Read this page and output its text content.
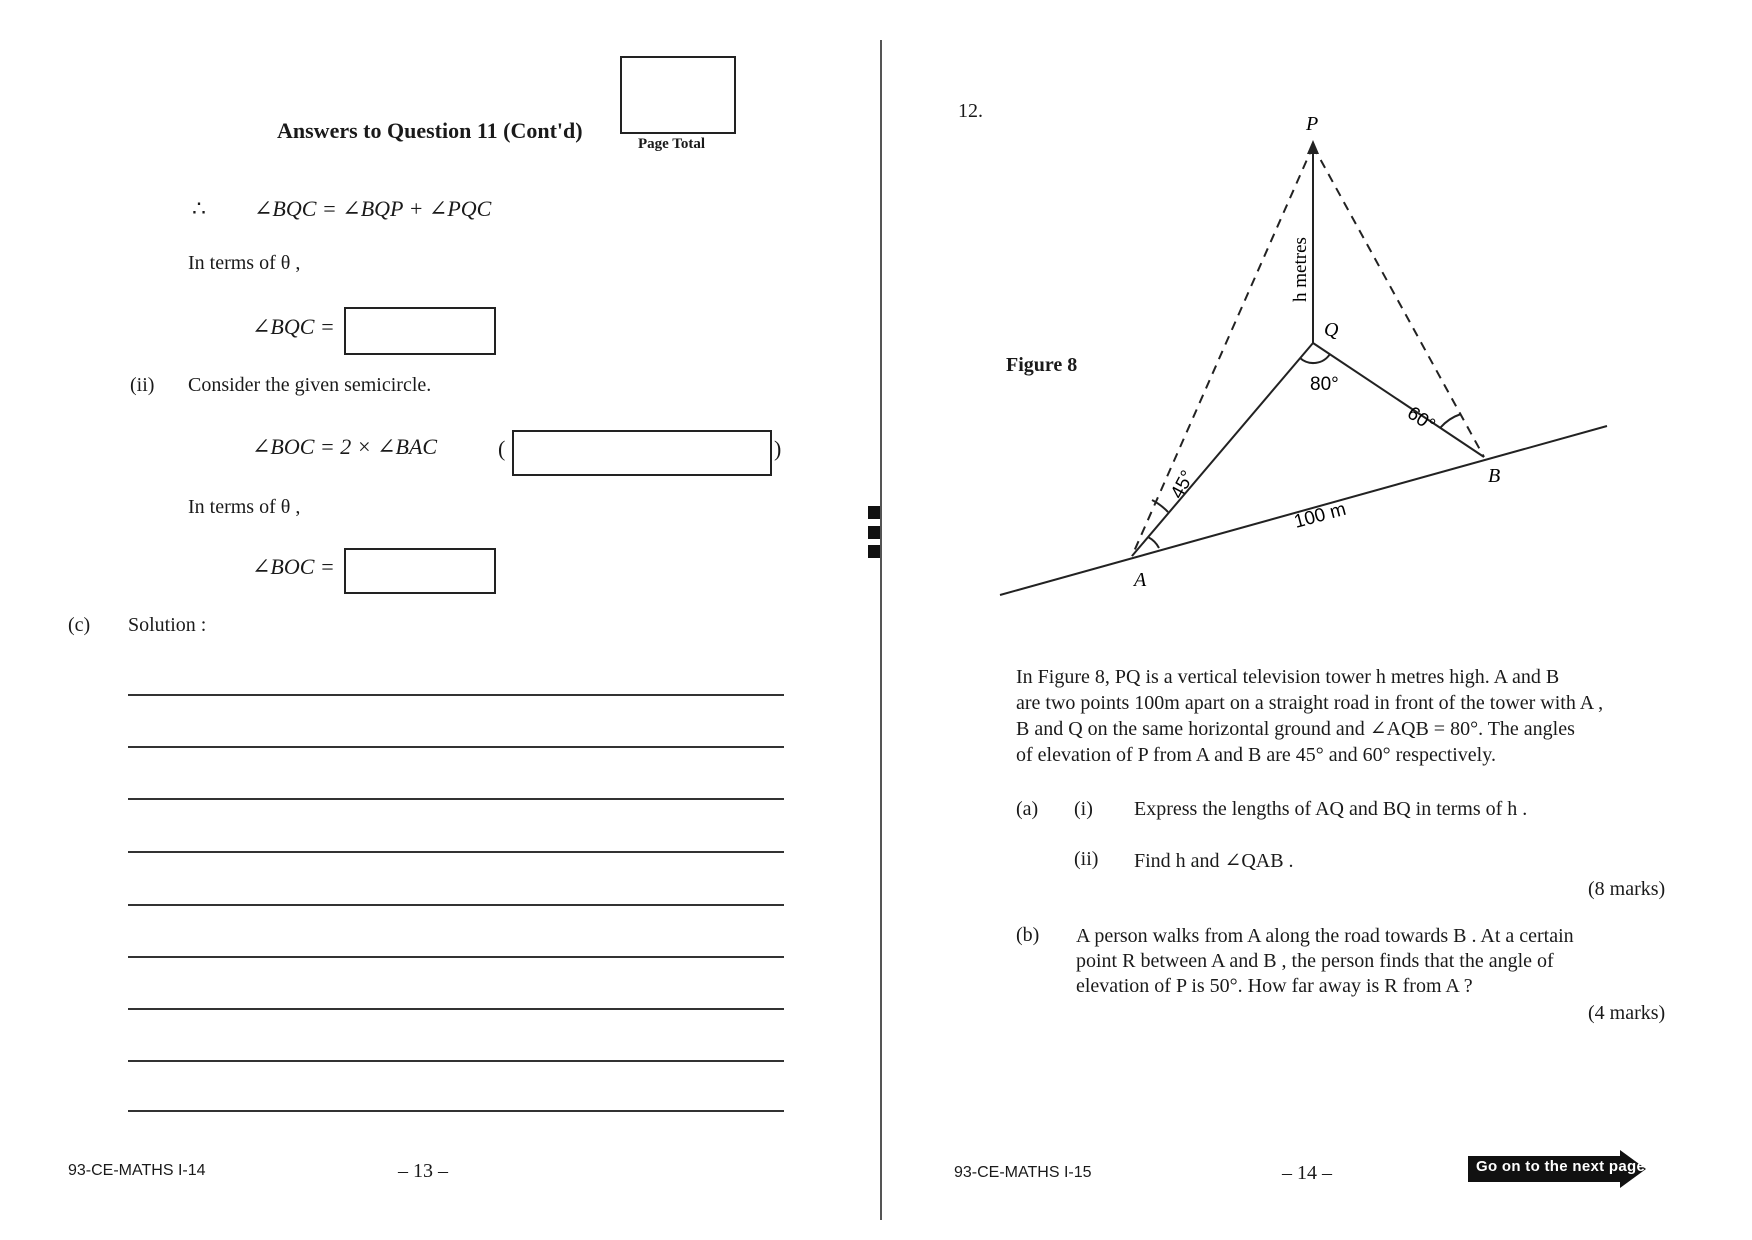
Answers to Question 11 (Cont'd)
Page Total
∴ ∠BQC = ∠BQP + ∠PQC
In terms of θ ,
∠BQC =
(ii) Consider the given semicircle.
∠BOC = 2 × ∠BAC	(	)
In terms of θ ,
∠BOC =
(c) Solution :
93-CE-MATHS I-14	– 13 –
12.
Figure 8
P
Q
A
B
80°
60°
45°
100 m
h metres
In Figure 8, PQ is a vertical television tower h metres high. A and B
are two points 100m apart on a straight road in front of the tower with A ,
B and Q on the same horizontal ground and ∠AQB = 80°. The angles
of elevation of P from A and B are 45° and 60° respectively.
(a) (i) Express the lengths of AQ and BQ in terms of h .
(ii) Find h and ∠QAB .
(8 marks)
(b) A person walks from A along the road towards B . At a certain
point R between A and B , the person finds that the angle of
elevation of P is 50°. How far away is R from A ?
(4 marks)
93-CE-MATHS I-15	– 14 –	Go on to the next page
